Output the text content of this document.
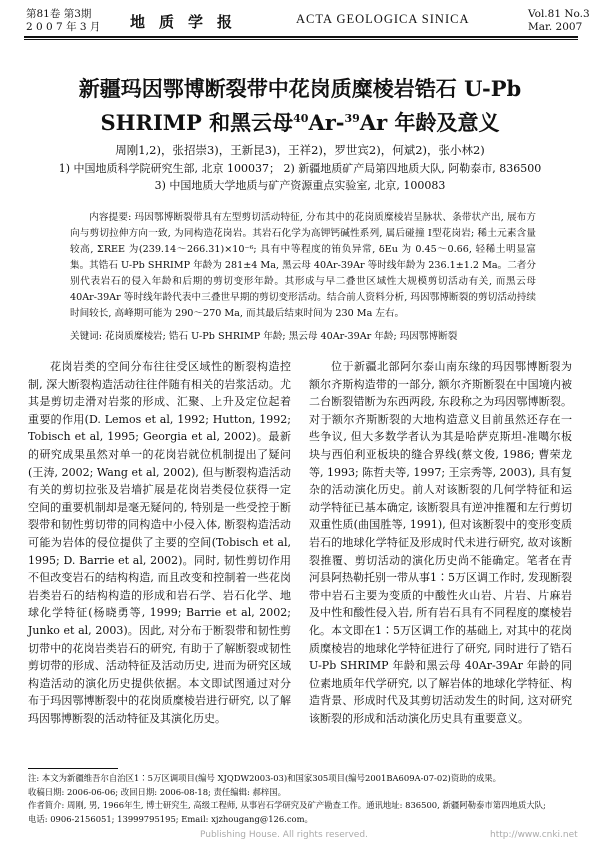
第81卷 第3期
2 0 0 7 年 3 月 地质学报	ACTA GEOLOGICA SINICA	Vol.81 No.3
Mar. 2007
新疆玛因鄂博断裂带中花岗质糜棱岩锆石 U-Pb
SHRIMP 和黑云母$^{40}$Ar-$^{39}$Ar 年龄及意义
周刚1,2)，张招崇3)，王新昆3)，王祥2)，罗世宾2)，何斌2)，张小林2)
1) 中国地质科学院研究生部, 北京 100037； 2) 新疆地质矿产局第四地质大队, 阿勒泰市, 836500
3) 中国地质大学地质与矿产资源重点实验室, 北京, 100083

内容提要: 玛因鄂博断裂带具有左型剪切活动特征, 分布其中的花岗质糜棱岩呈脉状、条带状产出, 展布方向与剪切拉伸方向一致, 为同构造花岗岩。其岩石化学为高钾钙碱性系列, 属后碰撞 Ⅰ型花岗岩; 稀土元素含量较高, ΣREE 为(239.14～266.31)×10⁻⁶; 具有中等程度的铕负异常, δEu 为 0.45～0.66, 轻稀土明显富集。其锆石 U-Pb SHRIMP 年龄为 281±4 Ma, 黑云母 40Ar-39Ar 等时线年龄为 236.1±1.2 Ma。二者分别代表岩石的侵入年龄和后期的剪切变形年龄。其形成与早二叠世区域性大规模剪切活动有关, 而黑云母 40Ar-39Ar 等时线年龄代表中三叠世早期的剪切变形活动。结合前人资料分析, 玛因鄂博断裂的剪切活动持续时间较长, 高峰期可能为 290～270 Ma, 而其最后结束时间为 230 Ma 左右。

关键词: 花岗质糜棱岩; 锆石 U-Pb SHRIMP 年龄; 黑云母 40Ar-39Ar 年龄; 玛因鄂博断裂

花岗岩类的空间分布往往受区域性的断裂构造控制, 深大断裂构造活动往往伴随有相关的岩浆活动。尤其是剪切走滑对岩浆的形成、汇聚、上升及定位起着重要的作用(D. Lemos et al, 1992; Hutton, 1992; Tobisch et al, 1995; Georgia et al, 2002)。最新的研究成果虽然对单一的花岗岩就位机制提出了疑问(王涛, 2002; Wang et al, 2002), 但与断裂构造活动有关的剪切拉张及岩墙扩展是花岗岩类侵位获得一定空间的重要机制却是毫无疑问的, 特别是一些受控于断裂带和韧性剪切带的同构造中小侵入体, 断裂构造活动可能为岩体的侵位提供了主要的空间(Tobisch et al, 1995; D. Barrie et al, 2002)。同时, 韧性剪切作用不但改变岩石的结构构造, 而且改变和控制着一些花岗岩类岩石的结构构造的形成和岩石学、岩石化学、地球化学特征(杨晓勇等, 1999; Barrie et al, 2002; Junko et al, 2003)。因此, 对分布于断裂带和韧性剪切带中的花岗岩类岩石的研究, 有助于了解断裂或韧性剪切带的形成、活动特征及活动历史, 进而为研究区域构造活动的演化历史提供依据。本文即试图通过对分布于玛因鄂博断裂中的花岗质糜棱岩进行研究, 以了解玛因鄂博断裂的活动特征及其演化历史。

位于新疆北部阿尔泰山南东缘的玛因鄂博断裂为额尔齐斯构造带的一部分, 额尔齐斯断裂在中国境内被二台断裂错断为东西两段, 东段称之为玛因鄂博断裂。对于额尔齐斯断裂的大地构造意义目前虽然还存在一些争议, 但大多数学者认为其是哈萨克斯坦-准噶尔板块与西伯利亚板块的缝合界线(蔡文俊, 1986; 曹荣龙等, 1993; 陈哲夫等, 1997; 王宗秀等, 2003), 具有复杂的活动演化历史。前人对该断裂的几何学特征和运动学特征已基本确定, 该断裂具有逆冲推覆和左行剪切双重性质(曲国胜等, 1991), 但对该断裂中的变形变质岩石的地球化学特征及形成时代未进行研究, 故对该断裂推覆、剪切活动的演化历史尚不能确定。笔者在青河县阿热勒托别一带从事1∶5万区调工作时, 发现断裂带中岩石主要为变质的中酸性火山岩、片岩、片麻岩及中性和酸性侵入岩, 所有岩石具有不同程度的糜棱岩化。本文即在1∶5万区调工作的基础上, 对其中的花岗质糜棱岩的地球化学特征进行了研究, 同时进行了锆石 U-Pb SHRIMP 年龄和黑云母 40Ar-39Ar 年龄的同位素地质年代学研究, 以了解岩体的地球化学特征、构造背景、形成时代及其剪切活动发生的时间, 这对研究该断裂的形成和活动演化历史具有重要意义。

注: 本文为新疆维吾尔自治区1∶5万区调项目(编号 XJQDW2003-03)和国家305项目(编号2001BA609A-07-02)资助的成果。
收稿日期: 2006-06-06; 改回日期: 2006-08-18; 责任编辑: 郝梓国。
作者简介: 周刚, 男, 1966年生, 博士研究生, 高级工程师, 从事岩石学研究及矿产勘查工作。通讯地址: 836500, 新疆阿勒泰市第四地质大队;
电话: 0906-2156051; 13999795195; Email: xjzhougang@126.com。
Publishing House. All rights reserved.	http://www.cnki.net
